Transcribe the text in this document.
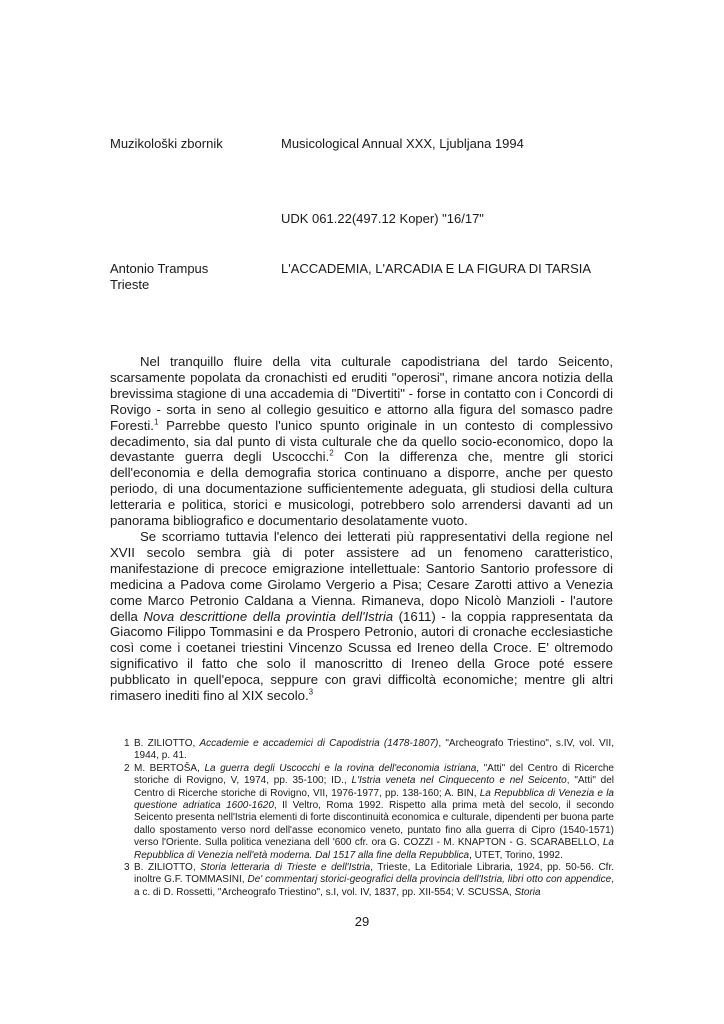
Muzikološki zbornik	Musicological Annual XXX, Ljubljana 1994
UDK 061.22(497.12 Koper) "16/17"
Antonio Trampus
Trieste
L'ACCADEMIA, L'ARCADIA E LA FIGURA DI TARSIA

Nel tranquillo fluire della vita culturale capodistriana del tardo Seicento, scarsamente popolata da cronachisti ed eruditi "operosi", rimane ancora notizia della brevissima stagione di una accademia di "Divertiti" - forse in contatto con i Concordi di Rovigo - sorta in seno al collegio gesuitico e attorno alla figura del somasco padre Foresti.$^1$ Parrebbe questo l'unico spunto originale in un contesto di complessivo decadimento, sia dal punto di vista culturale che da quello socio-economico, dopo la devastante guerra degli Uscocchi.$^2$ Con la differenza che, mentre gli storici dell'economia e della demografia storica continuano a disporre, anche per questo periodo, di una documentazione sufficientemente adeguata, gli studiosi della cultura letteraria e politica, storici e musicologi, potrebbero solo arrendersi davanti ad un panorama bibliografico e documentario desolatamente vuoto.

Se scorriamo tuttavia l'elenco dei letterati più rappresentativi della regione nel XVII secolo sembra già di poter assistere ad un fenomeno caratteristico, manifestazione di precoce emigrazione intellettuale: Santorio Santorio professore di medicina a Padova come Girolamo Vergerio a Pisa; Cesare Zarotti attivo a Venezia come Marco Petronio Caldana a Vienna. Rimaneva, dopo Nicolò Manzioli - l'autore della Nova descrittione della provintia dell'Istria (1611) - la coppia rappresentata da Giacomo Filippo Tommasini e da Prospero Petronio, autori di cronache ecclesiastiche così come i coetanei triestini Vincenzo Scussa ed Ireneo della Croce. E' oltremodo significativo il fatto che solo il manoscritto di Ireneo della Groce poté essere pubblicato in quell'epoca, seppure con gravi difficoltà economiche; mentre gli altri rimasero inediti fino al XIX secolo.$^3$

1 B. ZILIOTTO, Accademie e accademici di Capodistria (1478-1807), "Archeografo Triestino", s.IV, vol. VII, 1944, p. 41.
2 M. BERTOŠA, La guerra degli Uscocchi e la rovina dell'economia istriana, "Atti" del Centro di Ricerche storiche di Rovigno, V, 1974, pp. 35-100; ID., L'Istria veneta nel Cinquecento e nel Seicento, "Atti" del Centro di Ricerche storiche di Rovigno, VII, 1976-1977, pp. 138-160; A. BIN, La Repubblica di Venezia e la questione adriatica 1600-1620, Il Veltro, Roma 1992. Rispetto alla prima metà del secolo, il secondo Seicento presenta nell'Istria elementi di forte discontinuità economica e culturale, dipendenti per buona parte dallo spostamento verso nord dell'asse economico veneto, puntato fino alla guerra di Cipro (1540-1571) verso l'Oriente. Sulla politica veneziana dell '600 cfr. ora G. COZZI - M. KNAPTON - G. SCARABELLO, La Repubblica di Venezia nell'età moderna. Dal 1517 alla fine della Repubblica, UTET, Torino, 1992.
3 B. ZILIOTTO, Storia letteraria di Trieste e dell'Istria, Trieste, La Editoriale Libraria, 1924, pp. 50-56. Cfr. inoltre G.F. TOMMASINI, De' commentarj storici-geografici della provincia dell'Istria, libri otto con appendice, a c. di D. Rossetti, "Archeografo Triestino", s.I, vol. IV, 1837, pp. XII-554; V. SCUSSA, Storia
29
